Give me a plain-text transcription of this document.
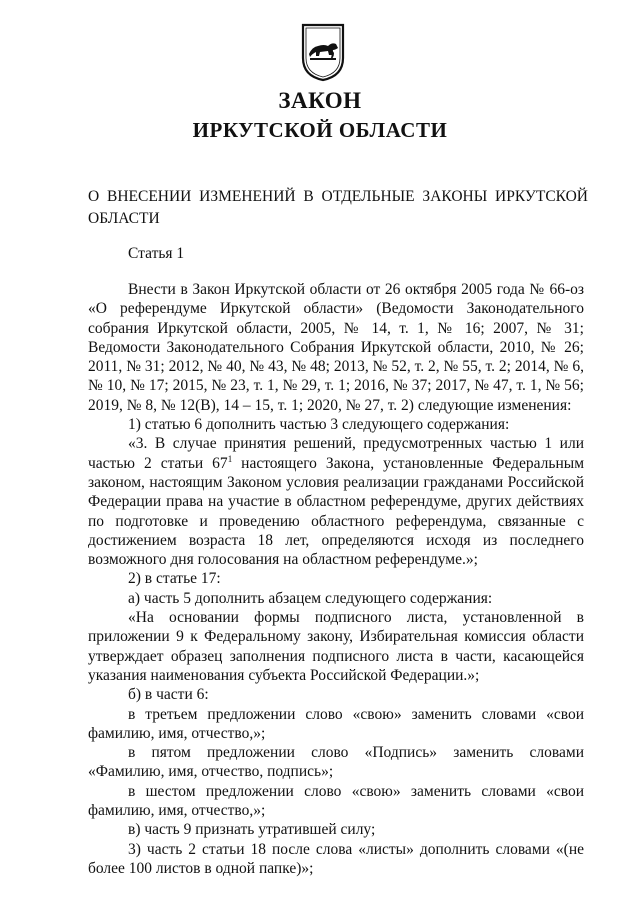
ЗАКОН
ИРКУТСКОЙ ОБЛАСТИ

О ВНЕСЕНИИ ИЗМЕНЕНИЙ В ОТДЕЛЬНЫЕ ЗАКОНЫ ИРКУТСКОЙ ОБЛАСТИ

Статья 1

Внести в Закон Иркутской области от 26 октября 2005 года № 66-оз «О референдуме Иркутской области» (Ведомости Законодательного собрания Иркутской области, 2005, № 14, т. 1, № 16; 2007, № 31; Ведомости Законодательного Собрания Иркутской области, 2010, № 26; 2011, № 31; 2012, № 40, № 43, № 48; 2013, № 52, т. 2, № 55, т. 2; 2014, № 6, № 10, № 17; 2015, № 23, т. 1, № 29, т. 1; 2016, № 37; 2017, № 47, т. 1, № 56; 2019, № 8, № 12(В), 14 – 15, т. 1; 2020, № 27, т. 2) следующие изменения:

1) статью 6 дополнить частью 3 следующего содержания:

«3. В случае принятия решений, предусмотренных частью 1 или частью 2 статьи $67^1$ настоящего Закона, установленные Федеральным законом, настоящим Законом условия реализации гражданами Российской Федерации права на участие в областном референдуме, других действиях по подготовке и проведению областного референдума, связанные с достижением возраста 18 лет, определяются исходя из последнего возможного дня голосования на областном референдуме.»;

2) в статье 17:

а) часть 5 дополнить абзацем следующего содержания:

«На основании формы подписного листа, установленной в приложении 9 к Федеральному закону, Избирательная комиссия области утверждает образец заполнения подписного листа в части, касающейся указания наименования субъекта Российской Федерации.»;

б) в части 6:

в третьем предложении слово «свою» заменить словами «свои фамилию, имя, отчество,»;

в пятом предложении слово «Подпись» заменить словами «Фамилию, имя, отчество, подпись»;

в шестом предложении слово «свою» заменить словами «свои фамилию, имя, отчество,»;

в) часть 9 признать утратившей силу;

3) часть 2 статьи 18 после слова «листы» дополнить словами «(не более 100 листов в одной папке)»;
